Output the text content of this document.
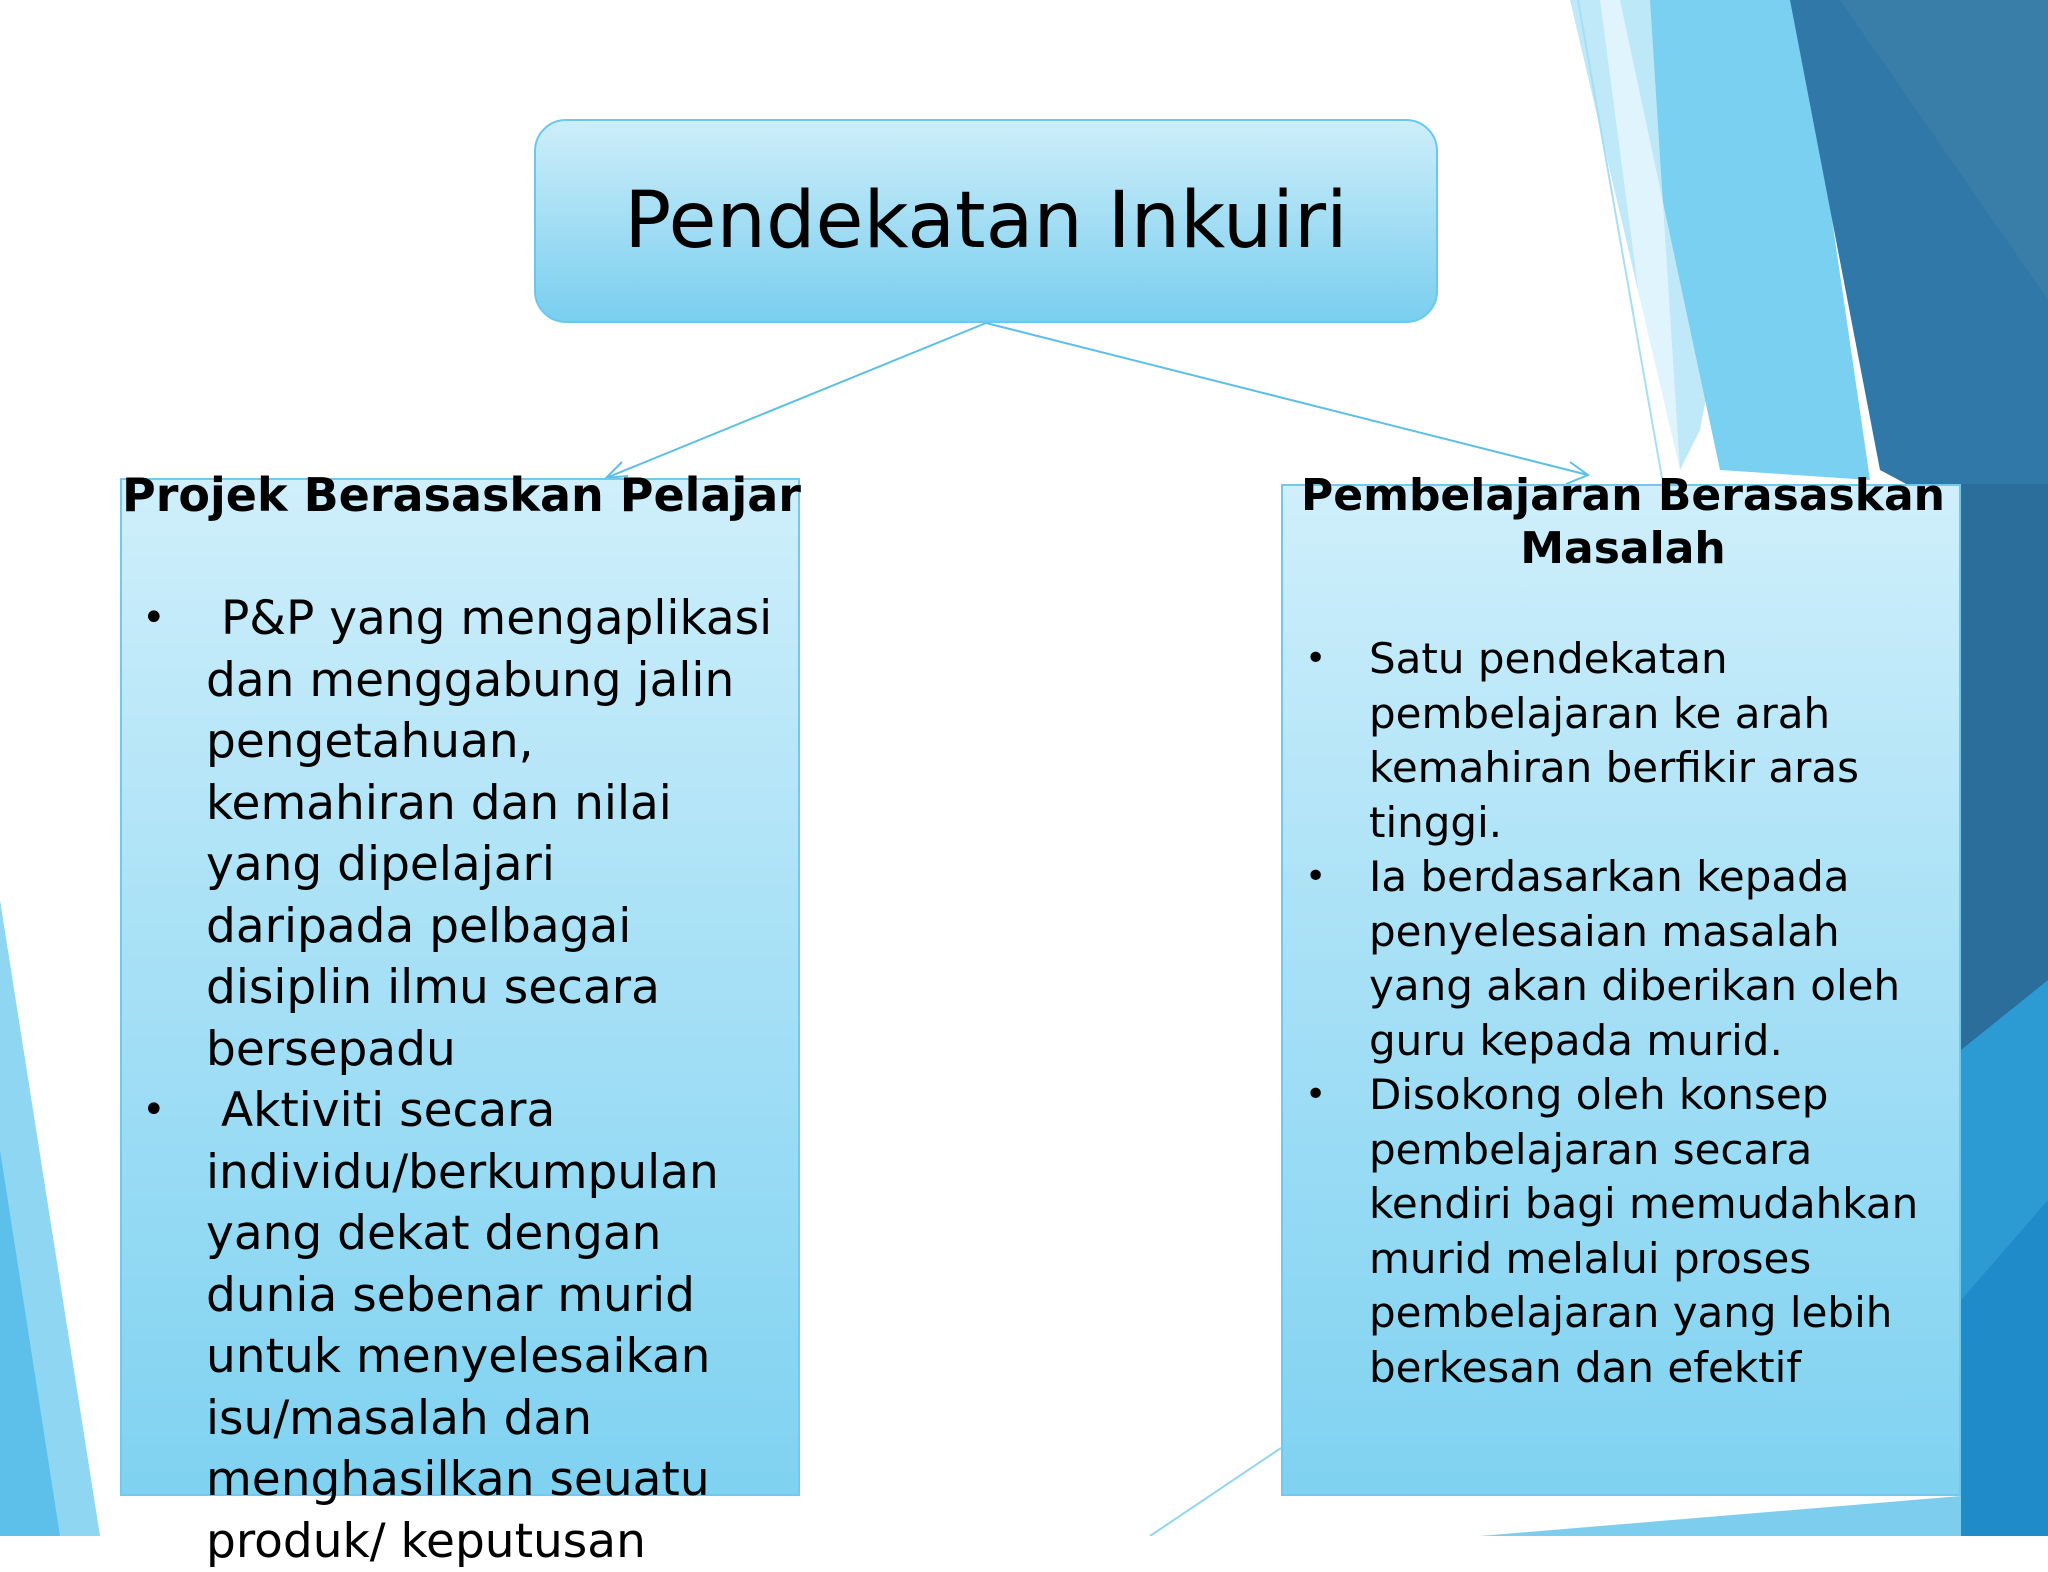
Pendekatan Inkuiri
Projek Berasaskan Pelajar
• P&P yang mengaplikasi dan menggabung jalin pengetahuan, kemahiran dan nilai yang dipelajari daripada pelbagai disiplin ilmu secara bersepadu
• Aktiviti secara individu/berkumpulan yang dekat dengan dunia sebenar murid untuk menyelesaikan isu/masalah dan menghasilkan seuatu produk/ keputusan
Pembelajaran Berasaskan
Masalah
• Satu pendekatan pembelajaran ke arah kemahiran berfikir aras tinggi.
• Ia berdasarkan kepada penyelesaian masalah yang akan diberikan oleh guru kepada murid.
• Disokong oleh konsep pembelajaran secara kendiri bagi memudahkan murid melalui proses pembelajaran yang lebih berkesan dan efektif
